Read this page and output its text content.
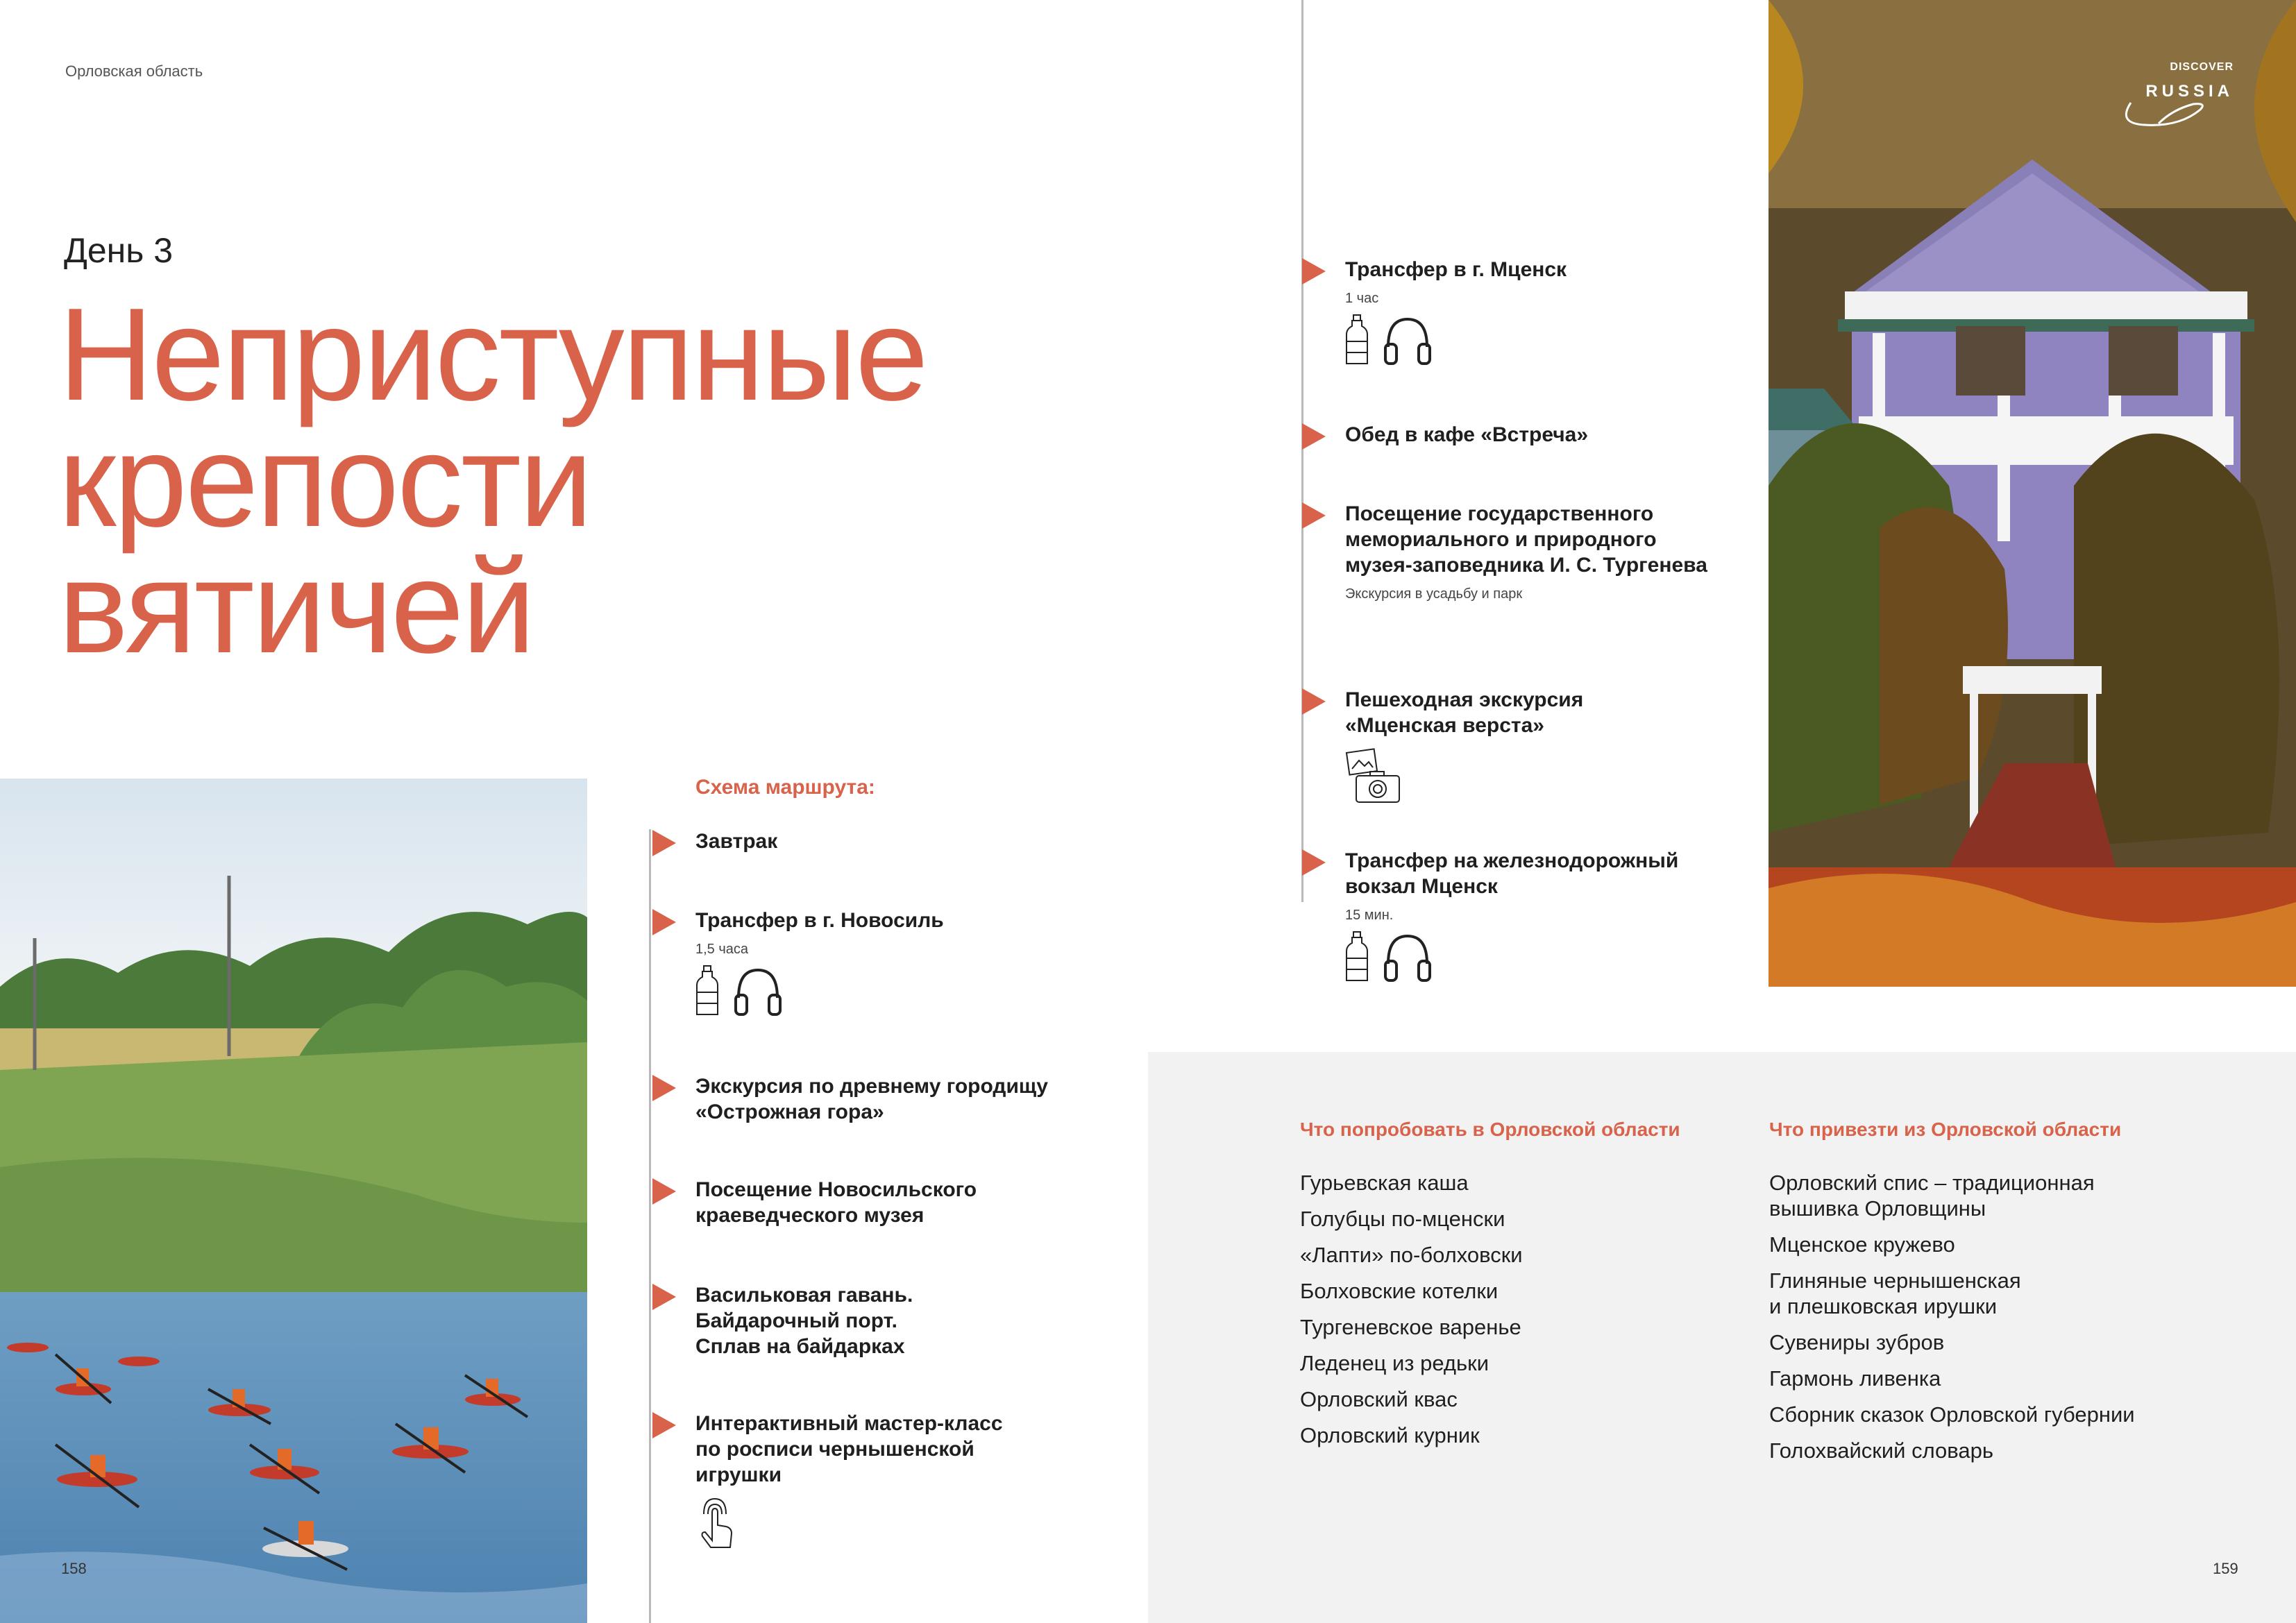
Орловская область
День 3
Неприступные
крепости
вятичей
DISCOVER
RUSSIA
Схема маршрута:
Завтрак
Трансфер в г. Новосиль
1,5 часа
Экскурсия по древнему городищу
«Острожная гора»
Посещение Новосильского
краеведческого музея
Васильковая гавань.
Байдарочный порт.
Сплав на байдарках
Интерактивный мастер-класс
по росписи чернышенской
игрушки
Трансфер в г. Мценск
1 час
Обед в кафе «Встреча»
Посещение государственного
мемориального и природного
музея-заповедника И. С. Тургенева
Экскурсия в усадьбу и парк
Пешеходная экскурсия
«Мценская верста»
Трансфер на железнодорожный
вокзал Мценск
15 мин.
Что попробовать в Орловской области
Гурьевская каша
Голубцы по-мценски
«Лапти» по-болховски
Болховские котелки
Тургеневское варенье
Леденец из редьки
Орловский квас
Орловский курник
Что привезти из Орловской области
Орловский спис – традиционная
вышивка Орловщины
Мценское кружево
Глиняные чернышенская
и плешковская ирушки
Сувениры зубров
Гармонь ливенка
Сборник сказок Орловской губернии
Голохвайский словарь
158	159
